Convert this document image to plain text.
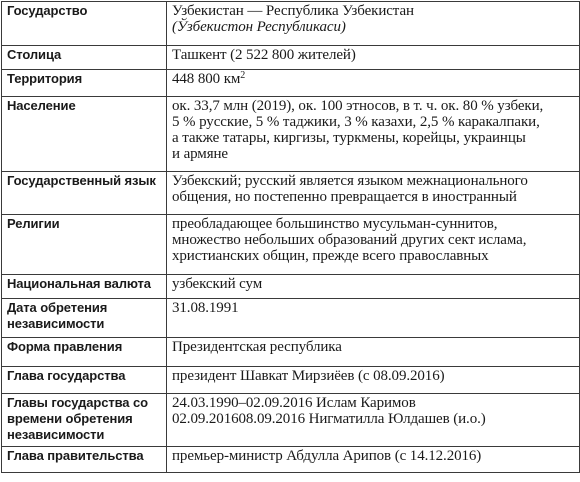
Государство	Узбекистан — Республика Узбекистан
(Ўзбекистон Республикаси)

Столица	Ташкент (2 522 800 жителей)

Территория	448 800 $км^2$

Население	ок. 33,7 млн (2019), ок. 100 этносов, в т. ч. ок. 80 % узбеки,
5 % русские, 5 % таджики, 3 % казахи, 2,5 % каракалпаки,
а также татары, киргизы, туркмены, корейцы, украинцы
и армяне

Государственный язык	Узбекский; русский является языком межнационального
общения, но постепенно превращается в иностранный

Религии	преобладающее большинство мусульман-суннитов,
множество небольших образований других сект ислама,
христианских общин, прежде всего православных

Национальная валюта	узбекский сум

Дата обретения независимости	31.08.1991

Форма правления	Президентская республика

Глава государства	президент Шавкат Мирзиёев (с 08.09.2016)

Главы государства со времени обретения независимости	24.03.1990–02.09.2016 Ислам Каримов
02.09.201608.09.2016 Нигматилла Юлдашев (и.о.)

Глава правительства	премьер-министр Абдулла Арипов (с 14.12.2016)
